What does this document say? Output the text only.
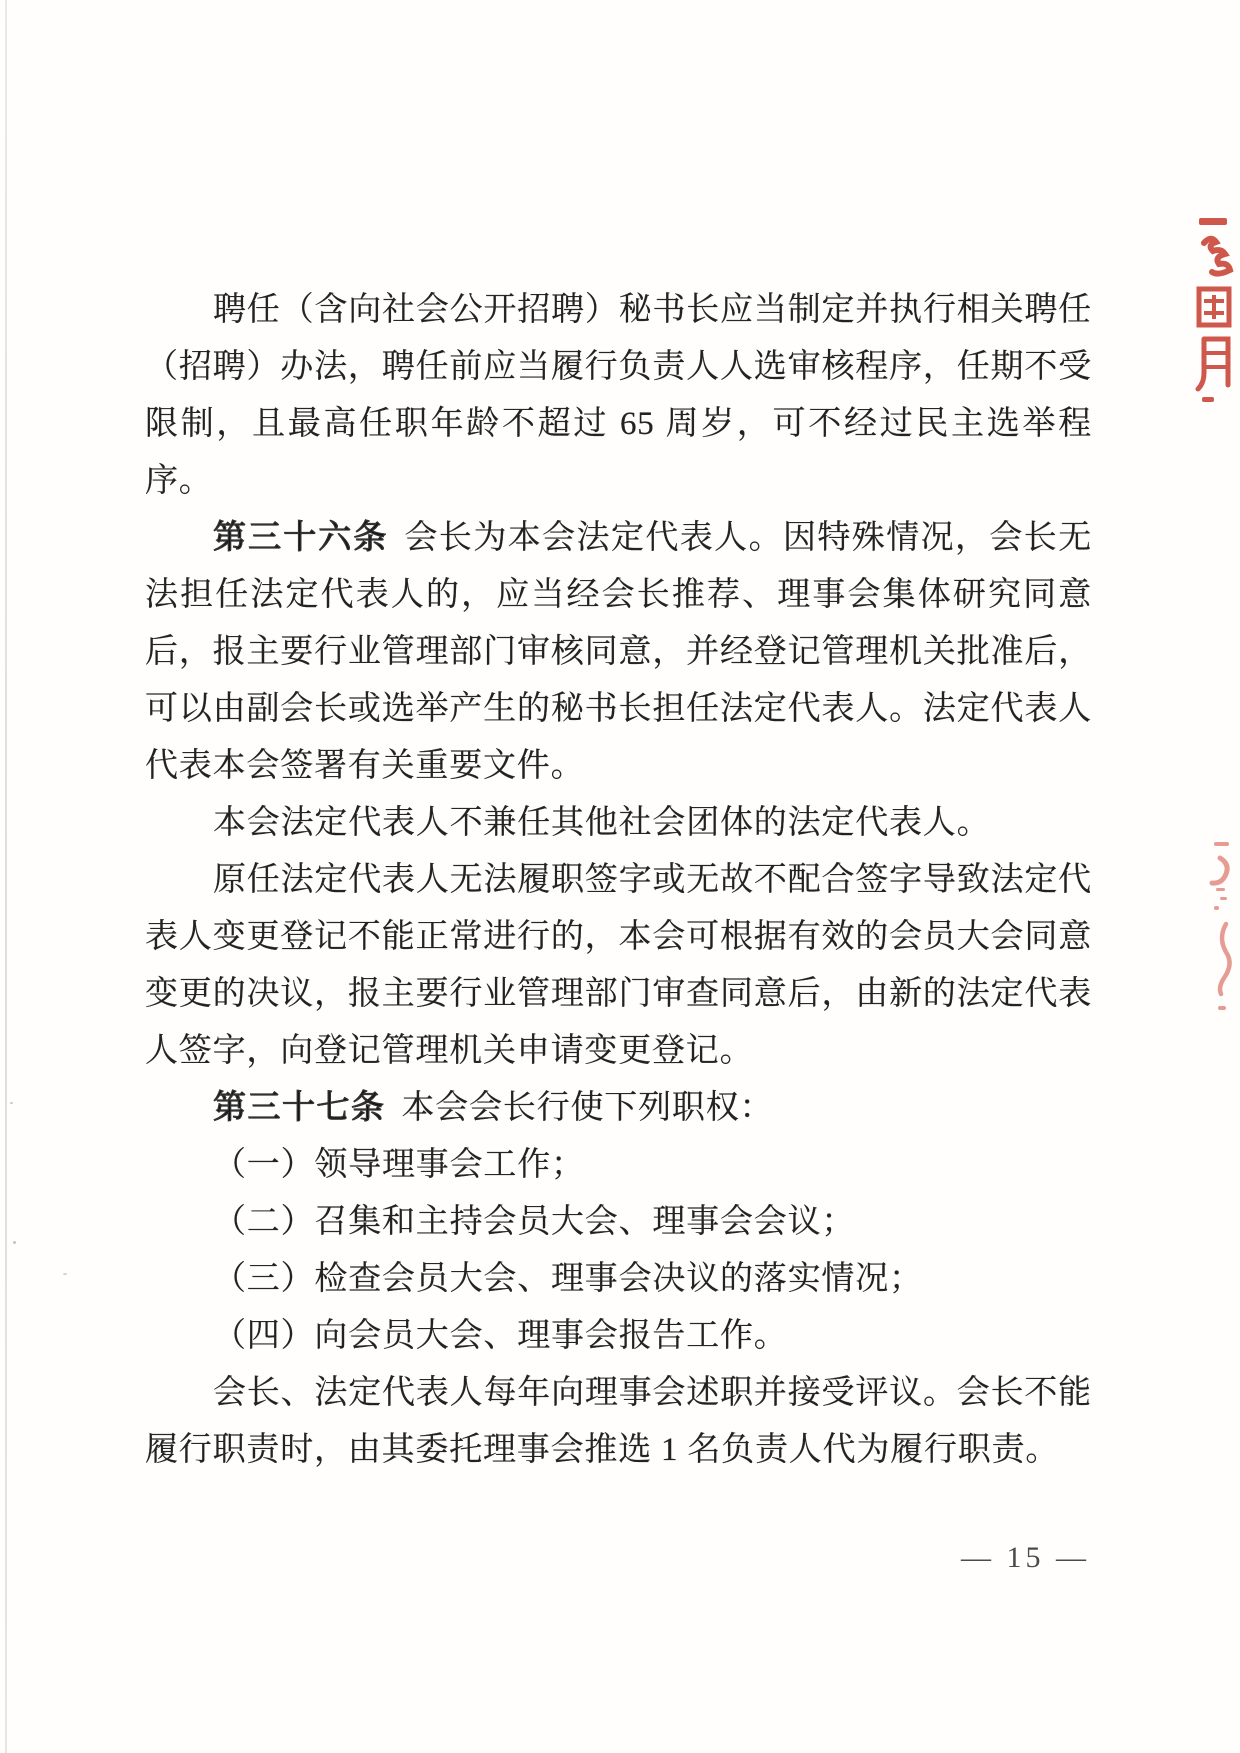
聘任（含向社会公开招聘）秘书长应当制定并执行相关聘任（招聘）办法，聘任前应当履行负责人人选审核程序，任期不受限制，且最高任职年龄不超过 65 周岁，可不经过民主选举程序。

第三十六条 会长为本会法定代表人。因特殊情况，会长无法担任法定代表人的，应当经会长推荐、理事会集体研究同意后，报主要行业管理部门审核同意，并经登记管理机关批准后，可以由副会长或选举产生的秘书长担任法定代表人。法定代表人代表本会签署有关重要文件。

本会法定代表人不兼任其他社会团体的法定代表人。

原任法定代表人无法履职签字或无故不配合签字导致法定代表人变更登记不能正常进行的，本会可根据有效的会员大会同意变更的决议，报主要行业管理部门审查同意后，由新的法定代表人签字，向登记管理机关申请变更登记。

第三十七条 本会会长行使下列职权：

（一）领导理事会工作；

（二）召集和主持会员大会、理事会会议；

（三）检查会员大会、理事会决议的落实情况；

（四）向会员大会、理事会报告工作。

会长、法定代表人每年向理事会述职并接受评议。会长不能履行职责时，由其委托理事会推选 1 名负责人代为履行职责。

— 15 —
